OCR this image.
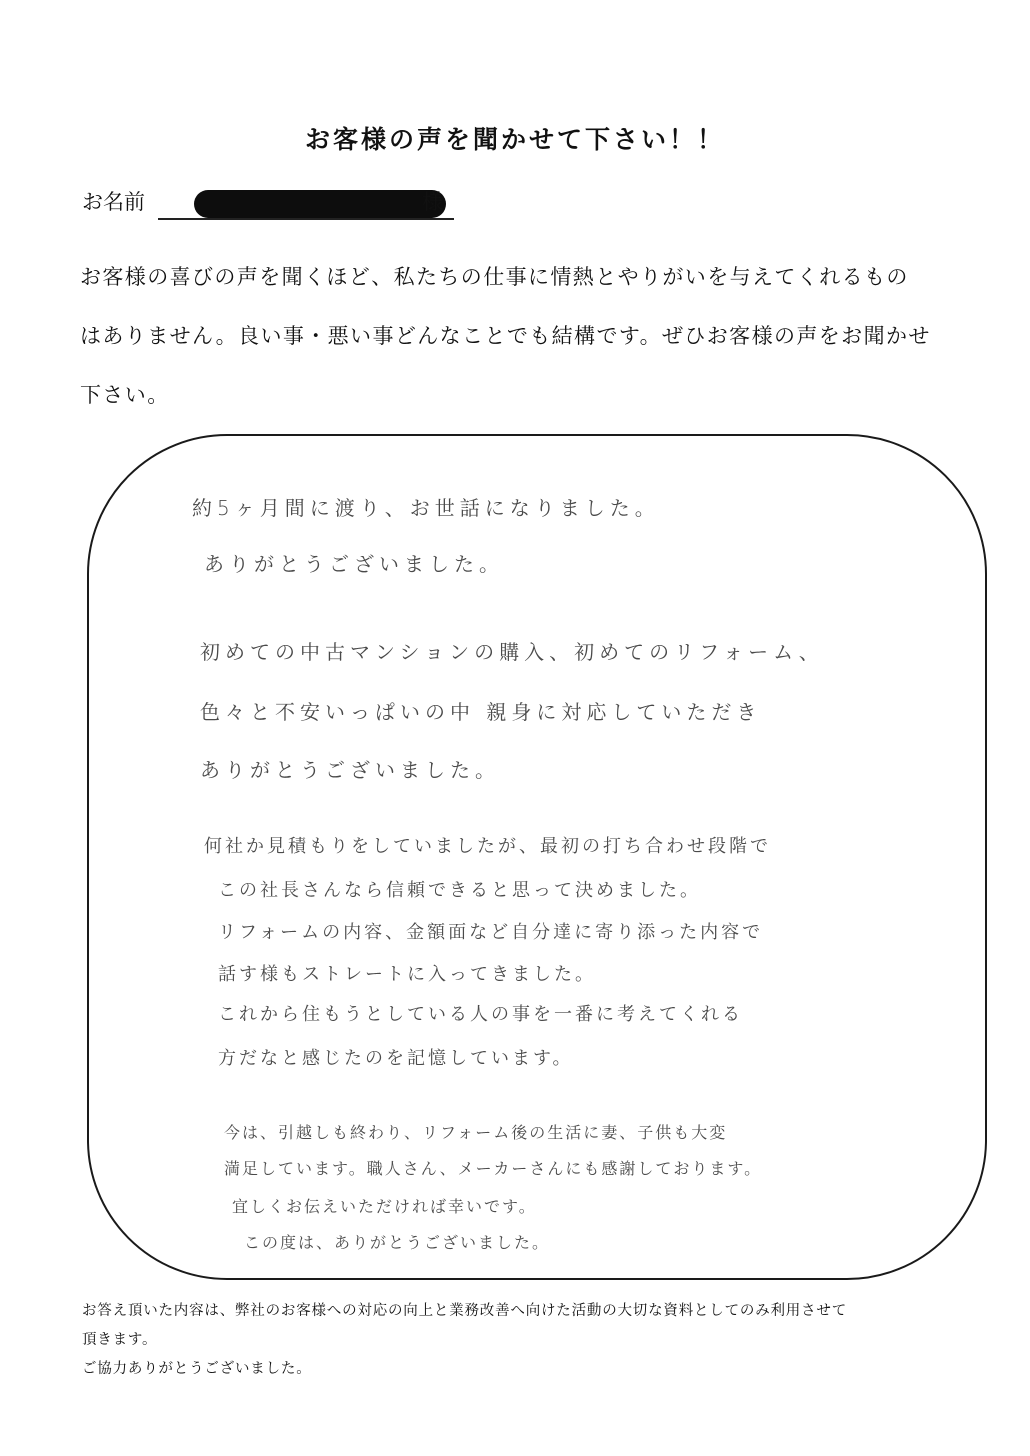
お客様の声を聞かせて下さい！！
お名前	様
お客様の喜びの声を聞くほど、私たちの仕事に情熱とやりがいを与えてくれるもの
はありません。良い事・悪い事どんなことでも結構です。ぜひお客様の声をお聞かせ
下さい。
約5ヶ月間に渡り、お世話になりました。
ありがとうございました。
初めての中古マンションの購入、初めてのリフォーム、
色々と不安いっぱいの中 親身に対応していただき
ありがとうございました。
何社か見積もりをしていましたが、最初の打ち合わせ段階で
この社長さんなら信頼できると思って決めました。
リフォームの内容、金額面など自分達に寄り添った内容で
話す様もストレートに入ってきました。
これから住もうとしている人の事を一番に考えてくれる
方だなと感じたのを記憶しています。
今は、引越しも終わり、リフォーム後の生活に妻、子供も大変
満足しています。職人さん、メーカーさんにも感謝しております。
宜しくお伝えいただければ幸いです。
この度は、ありがとうございました。
お答え頂いた内容は、弊社のお客様への対応の向上と業務改善へ向けた活動の大切な資料としてのみ利用させて
頂きます。
ご協力ありがとうございました。
